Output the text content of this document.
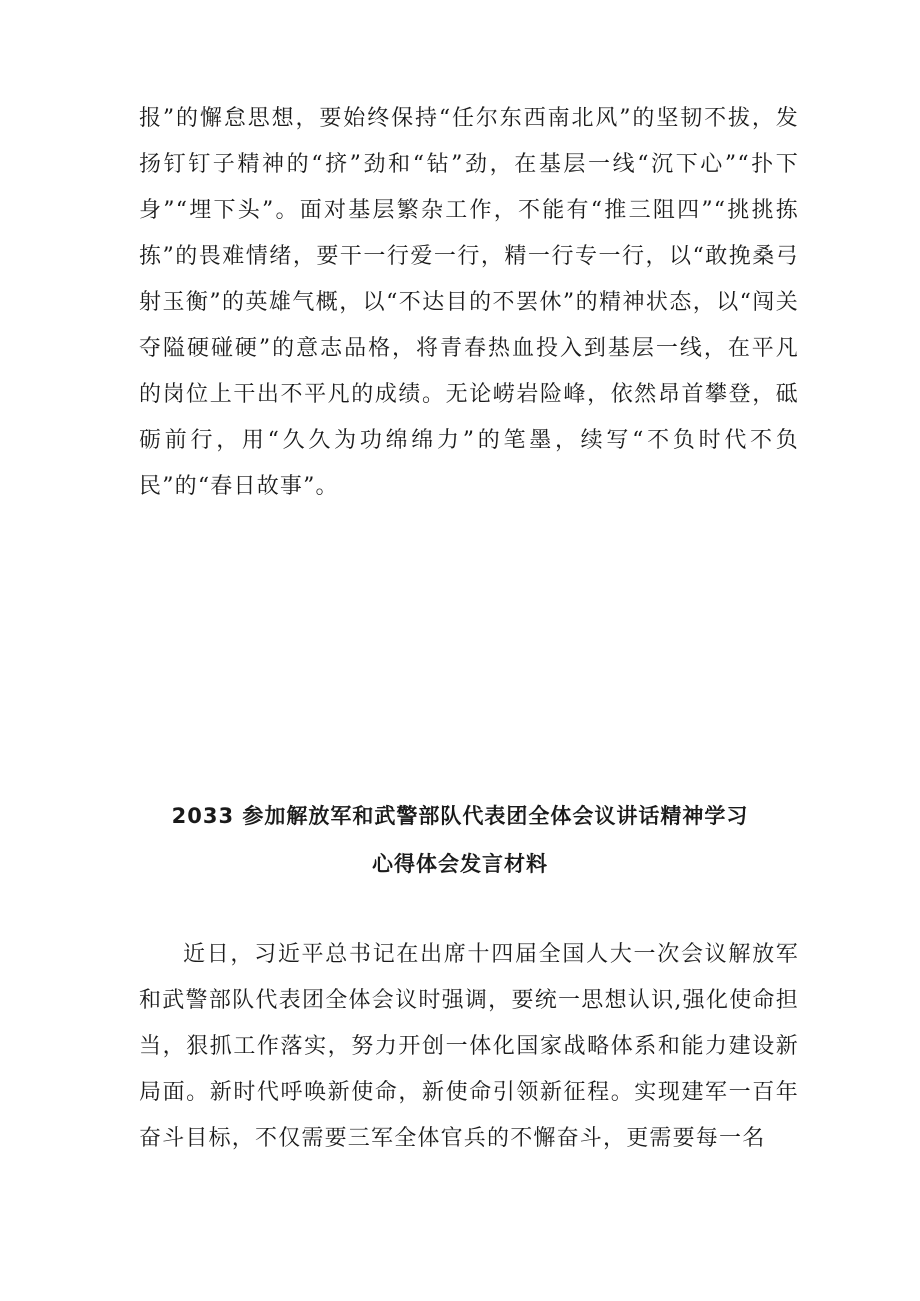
报”的懈怠思想，要始终保持“任尔东西南北风”的坚韧不拔，发扬钉钉子精神的“挤”劲和“钻”劲，在基层一线“沉下心”“扑下身”“埋下头”。面对基层繁杂工作，不能有“推三阻四”“挑挑拣拣”的畏难情绪，要干一行爱一行，精一行专一行，以“敢挽桑弓射玉衡”的英雄气概，以“不达目的不罢休”的精神状态，以“闯关夺隘硬碰硬”的意志品格，将青春热血投入到基层一线，在平凡的岗位上干出不平凡的成绩。无论崂岩险峰，依然昂首攀登，砥砺前行，用“久久为功绵绵力”的笔墨，续写“不负时代不负民”的“春日故事”。

2033 参加解放军和武警部队代表团全体会议讲话精神学习
心得体会发言材料

近日，习近平总书记在出席十四届全国人大一次会议解放军和武警部队代表团全体会议时强调，要统一思想认识,强化使命担当，狠抓工作落实，努力开创一体化国家战略体系和能力建设新局面。新时代呼唤新使命，新使命引领新征程。实现建军一百年奋斗目标，不仅需要三军全体官兵的不懈奋斗，更需要每一名
